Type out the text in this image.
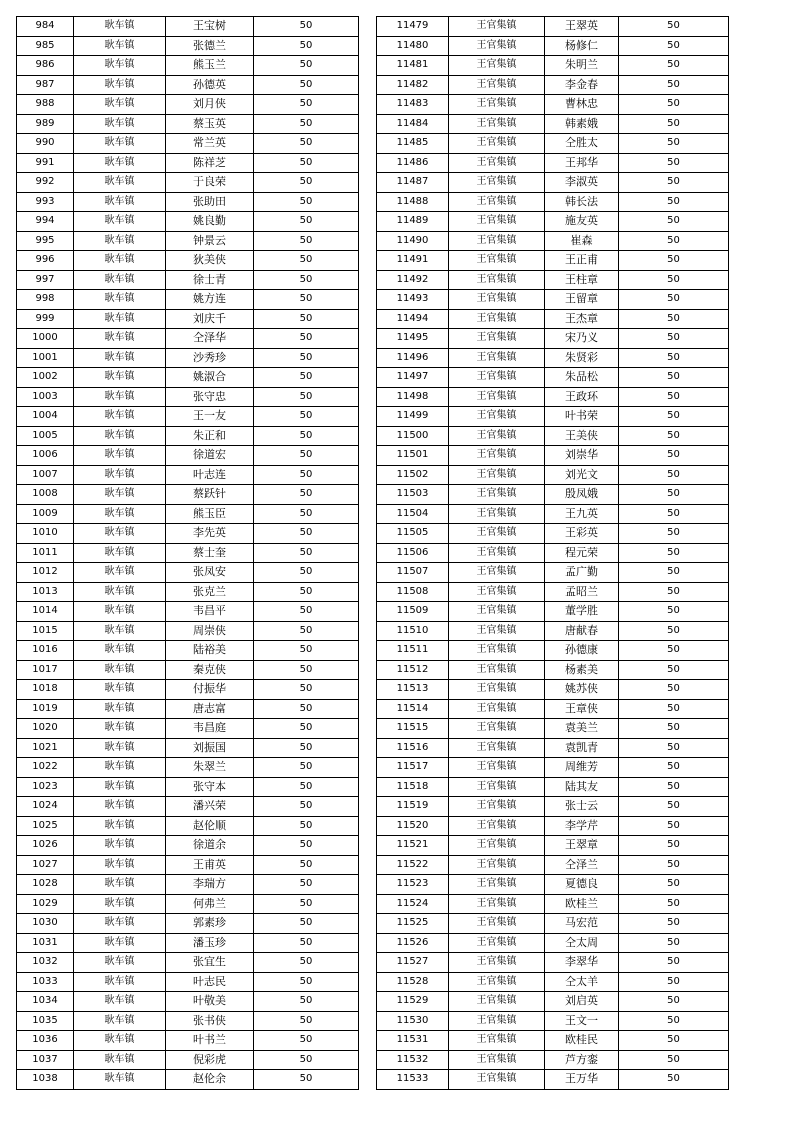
984	耿车镇	王宝树	50
985	耿车镇	张德兰	50
986	耿车镇	熊玉兰	50
987	耿车镇	孙德英	50
988	耿车镇	刘月侠	50
989	耿车镇	蔡玉英	50
990	耿车镇	常兰英	50
991	耿车镇	陈祥芝	50
992	耿车镇	于良荣	50
993	耿车镇	张助田	50
994	耿车镇	姚良勤	50
995	耿车镇	钟景云	50
996	耿车镇	狄美侠	50
997	耿车镇	徐士青	50
998	耿车镇	姚方连	50
999	耿车镇	刘庆千	50
1000	耿车镇	仝泽华	50
1001	耿车镇	沙秀珍	50
1002	耿车镇	姚淑合	50
1003	耿车镇	张守忠	50
1004	耿车镇	王一友	50
1005	耿车镇	朱正和	50
1006	耿车镇	徐道宏	50
1007	耿车镇	叶志连	50
1008	耿车镇	蔡跃针	50
1009	耿车镇	熊玉臣	50
1010	耿车镇	李先英	50
1011	耿车镇	蔡士奎	50
1012	耿车镇	张凤安	50
1013	耿车镇	张克兰	50
1014	耿车镇	韦昌平	50
1015	耿车镇	周崇侠	50
1016	耿车镇	陆裕美	50
1017	耿车镇	秦克侠	50
1018	耿车镇	付振华	50
1019	耿车镇	唐志富	50
1020	耿车镇	韦昌庭	50
1021	耿车镇	刘振国	50
1022	耿车镇	朱翠兰	50
1023	耿车镇	张守本	50
1024	耿车镇	潘兴荣	50
1025	耿车镇	赵伦顺	50
1026	耿车镇	徐道余	50
1027	耿车镇	王甫英	50
1028	耿车镇	李瑞方	50
1029	耿车镇	何弗兰	50
1030	耿车镇	郭素珍	50
1031	耿车镇	潘玉珍	50
1032	耿车镇	张宜生	50
1033	耿车镇	叶志民	50
1034	耿车镇	叶敬美	50
1035	耿车镇	张书侠	50
1036	耿车镇	叶书兰	50
1037	耿车镇	倪彩虎	50
1038	耿车镇	赵伦余	50
11479	王官集镇	王翠英	50
11480	王官集镇	杨修仁	50
11481	王官集镇	朱明兰	50
11482	王官集镇	李金春	50
11483	王官集镇	曹林忠	50
11484	王官集镇	韩素娥	50
11485	王官集镇	仝胜太	50
11486	王官集镇	王邦华	50
11487	王官集镇	李淑英	50
11488	王官集镇	韩长法	50
11489	王官集镇	施友英	50
11490	王官集镇	崔森	50
11491	王官集镇	王正甫	50
11492	王官集镇	王柱章	50
11493	王官集镇	王留章	50
11494	王官集镇	王杰章	50
11495	王官集镇	宋乃义	50
11496	王官集镇	朱贤彩	50
11497	王官集镇	朱品松	50
11498	王官集镇	王政环	50
11499	王官集镇	叶书荣	50
11500	王官集镇	王美侠	50
11501	王官集镇	刘崇华	50
11502	王官集镇	刘光文	50
11503	王官集镇	殷凤娥	50
11504	王官集镇	王九英	50
11505	王官集镇	王彩英	50
11506	王官集镇	程元荣	50
11507	王官集镇	孟广勤	50
11508	王官集镇	孟昭兰	50
11509	王官集镇	董学胜	50
11510	王官集镇	唐献春	50
11511	王官集镇	孙德康	50
11512	王官集镇	杨素美	50
11513	王官集镇	姚苏侠	50
11514	王官集镇	王章侠	50
11515	王官集镇	袁美兰	50
11516	王官集镇	袁凯青	50
11517	王官集镇	周维芳	50
11518	王官集镇	陆其友	50
11519	王官集镇	张士云	50
11520	王官集镇	李学芹	50
11521	王官集镇	王翠章	50
11522	王官集镇	仝泽兰	50
11523	王官集镇	夏德良	50
11524	王官集镇	欧桂兰	50
11525	王官集镇	马宏范	50
11526	王官集镇	仝太周	50
11527	王官集镇	李翠华	50
11528	王官集镇	仝太羊	50
11529	王官集镇	刘启英	50
11530	王官集镇	王文一	50
11531	王官集镇	欧桂民	50
11532	王官集镇	芦方銮	50
11533	王官集镇	王万华	50
